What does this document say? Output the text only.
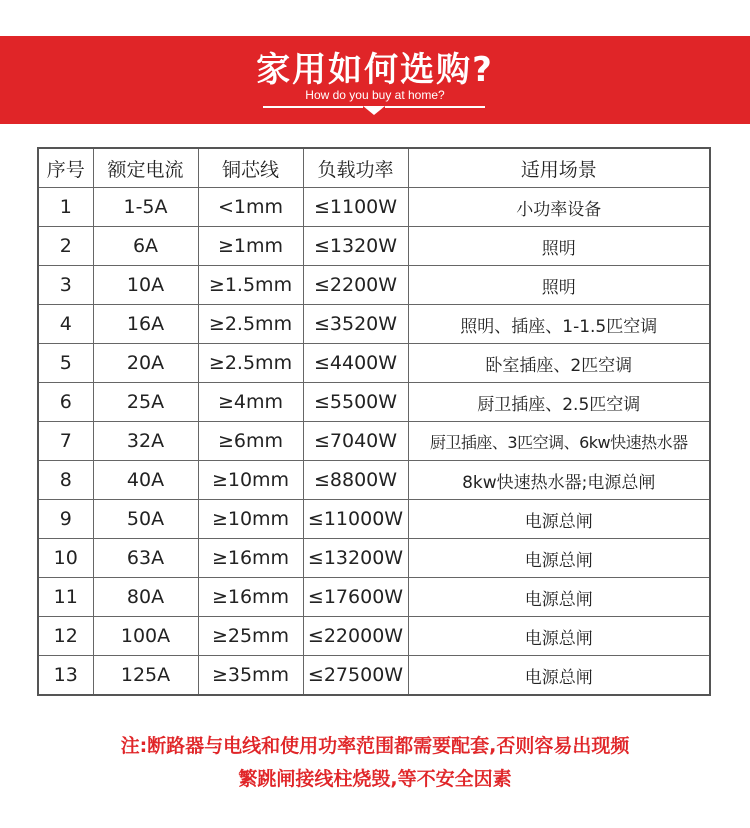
家用如何选购?
How do you buy at home?
序号	额定电流	铜芯线	负载功率	适用场景
1	1-5A	<1mm	≤1100W	小功率设备
2	6A	≥1mm	≤1320W	照明
3	10A	≥1.5mm	≤2200W	照明
4	16A	≥2.5mm	≤3520W	照明、插座、1-1.5匹空调
5	20A	≥2.5mm	≤4400W	卧室插座、2匹空调
6	25A	≥4mm	≤5500W	厨卫插座、2.5匹空调
7	32A	≥6mm	≤7040W	厨卫插座、3匹空调、6kw快速热水器
8	40A	≥10mm	≤8800W	8kw快速热水器;电源总闸
9	50A	≥10mm	≤11000W	电源总闸
10	63A	≥16mm	≤13200W	电源总闸
11	80A	≥16mm	≤17600W	电源总闸
12	100A	≥25mm	≤22000W	电源总闸
13	125A	≥35mm	≤27500W	电源总闸
注:断路器与电线和使用功率范围都需要配套,否则容易出现频
繁跳闸接线柱烧毁,等不安全因素
